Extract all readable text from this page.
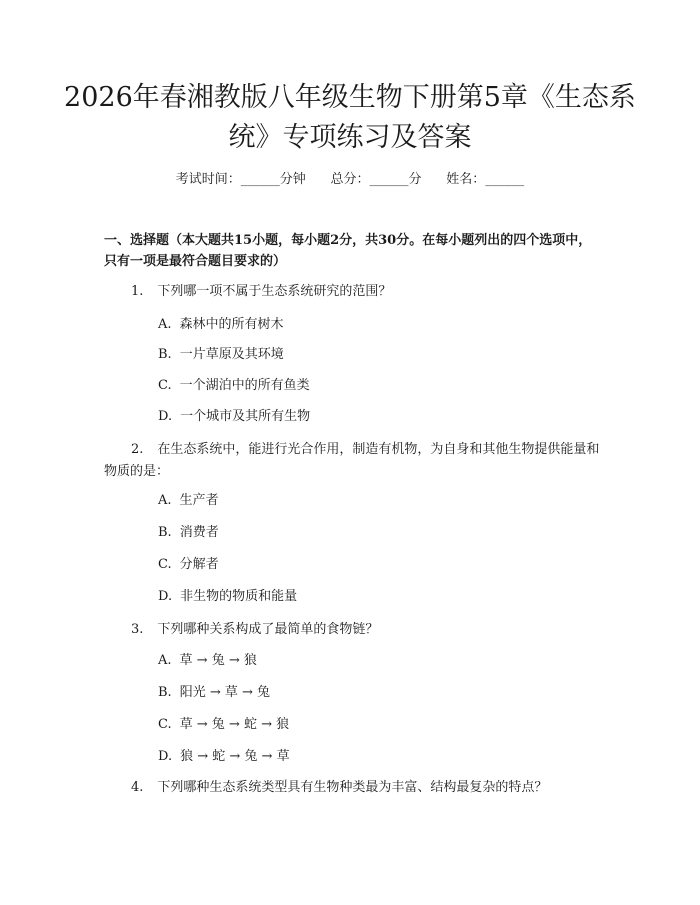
2026年春湘教版八年级生物下册第5章《生态系统》专项练习及答案
考试时间：______分钟      总分：______分      姓名：______
一、选择题（本大题共15小题，每小题2分，共30分。在每小题列出的四个选项中，只有一项是最符合题目要求的）
1. 下列哪一项不属于生态系统研究的范围？
A. 森林中的所有树木
B. 一片草原及其环境
C. 一个湖泊中的所有鱼类
D. 一个城市及其所有生物
2. 在生态系统中，能进行光合作用，制造有机物，为自身和其他生物提供能量和物质的是：
A. 生产者
B. 消费者
C. 分解者
D. 非生物的物质和能量
3. 下列哪种关系构成了最简单的食物链？
A. 草 → 兔 → 狼
B. 阳光 → 草 → 兔
C. 草 → 兔 → 蛇 → 狼
D. 狼 → 蛇 → 兔 → 草
4. 下列哪种生态系统类型具有生物种类最为丰富、结构最复杂的特点？
